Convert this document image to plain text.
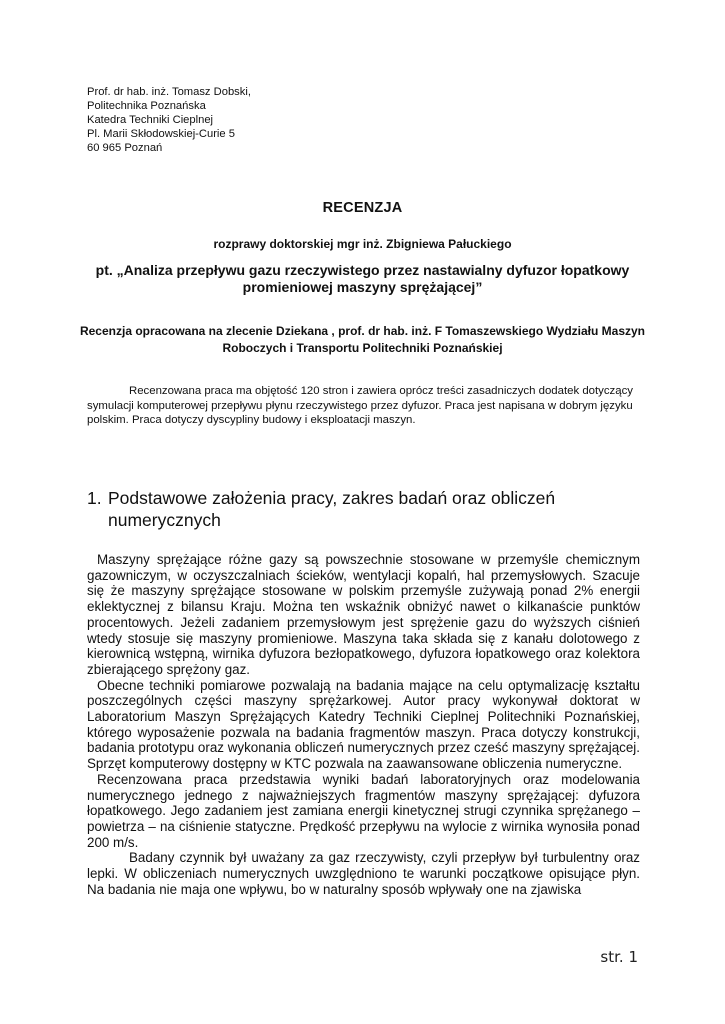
Prof. dr hab. inż. Tomasz Dobski,
Politechnika Poznańska
Katedra Techniki Cieplnej
Pl. Marii Skłodowskiej-Curie 5
60 965 Poznań
RECENZJA
rozprawy doktorskiej mgr inż. Zbigniewa Pałuckiego
pt. „Analiza przepływu gazu rzeczywistego przez nastawialny dyfuzor łopatkowy promieniowej maszyny sprężającej”
Recenzja opracowana na zlecenie Dziekana , prof. dr hab. inż. F Tomaszewskiego Wydziału Maszyn Roboczych i Transportu Politechniki Poznańskiej
Recenzowana praca ma objętość 120 stron i zawiera oprócz treści zasadniczych dodatek dotyczący symulacji komputerowej przepływu płynu rzeczywistego przez dyfuzor. Praca jest napisana w dobrym języku polskim. Praca dotyczy dyscypliny budowy i eksploatacji maszyn.
1. Podstawowe założenia pracy, zakres badań oraz obliczeń numerycznych

Maszyny sprężające różne gazy są powszechnie stosowane w przemyśle chemicznym gazowniczym, w oczyszczalniach ścieków, wentylacji kopalń, hal przemysłowych. Szacuje się że maszyny sprężające stosowane w polskim przemyśle zużywają ponad 2% energii eklektycznej z bilansu Kraju. Można ten wskaźnik obniżyć nawet o kilkanaście punktów procentowych. Jeżeli zadaniem przemysłowym jest sprężenie gazu do wyższych ciśnień wtedy stosuje się maszyny promieniowe. Maszyna taka składa się z kanału dolotowego z kierownicą wstępną, wirnika dyfuzora bezłopatkowego, dyfuzora łopatkowego oraz kolektora zbierającego sprężony gaz.

Obecne techniki pomiarowe pozwalają na badania mające na celu optymalizację kształtu poszczególnych części maszyny sprężarkowej. Autor pracy wykonywał doktorat w Laboratorium Maszyn Sprężających Katedry Techniki Cieplnej Politechniki Poznańskiej, którego wyposażenie pozwala na badania fragmentów maszyn. Praca dotyczy konstrukcji, badania prototypu oraz wykonania obliczeń numerycznych przez cześć maszyny sprężającej. Sprzęt komputerowy dostępny w KTC pozwala na zaawansowane obliczenia numeryczne.

Recenzowana praca przedstawia wyniki badań laboratoryjnych oraz modelowania numerycznego jednego z najważniejszych fragmentów maszyny sprężającej: dyfuzora łopatkowego. Jego zadaniem jest zamiana energii kinetycznej strugi czynnika sprężanego – powietrza – na ciśnienie statyczne. Prędkość przepływu na wylocie z wirnika wynosiła ponad 200 m/s.

Badany czynnik był uważany za gaz rzeczywisty, czyli przepływ był turbulentny oraz lepki. W obliczeniach numerycznych uwzględniono te warunki początkowe opisujące płyn. Na badania nie maja one wpływu, bo w naturalny sposób wpływały one na zjawiska

str. 1
